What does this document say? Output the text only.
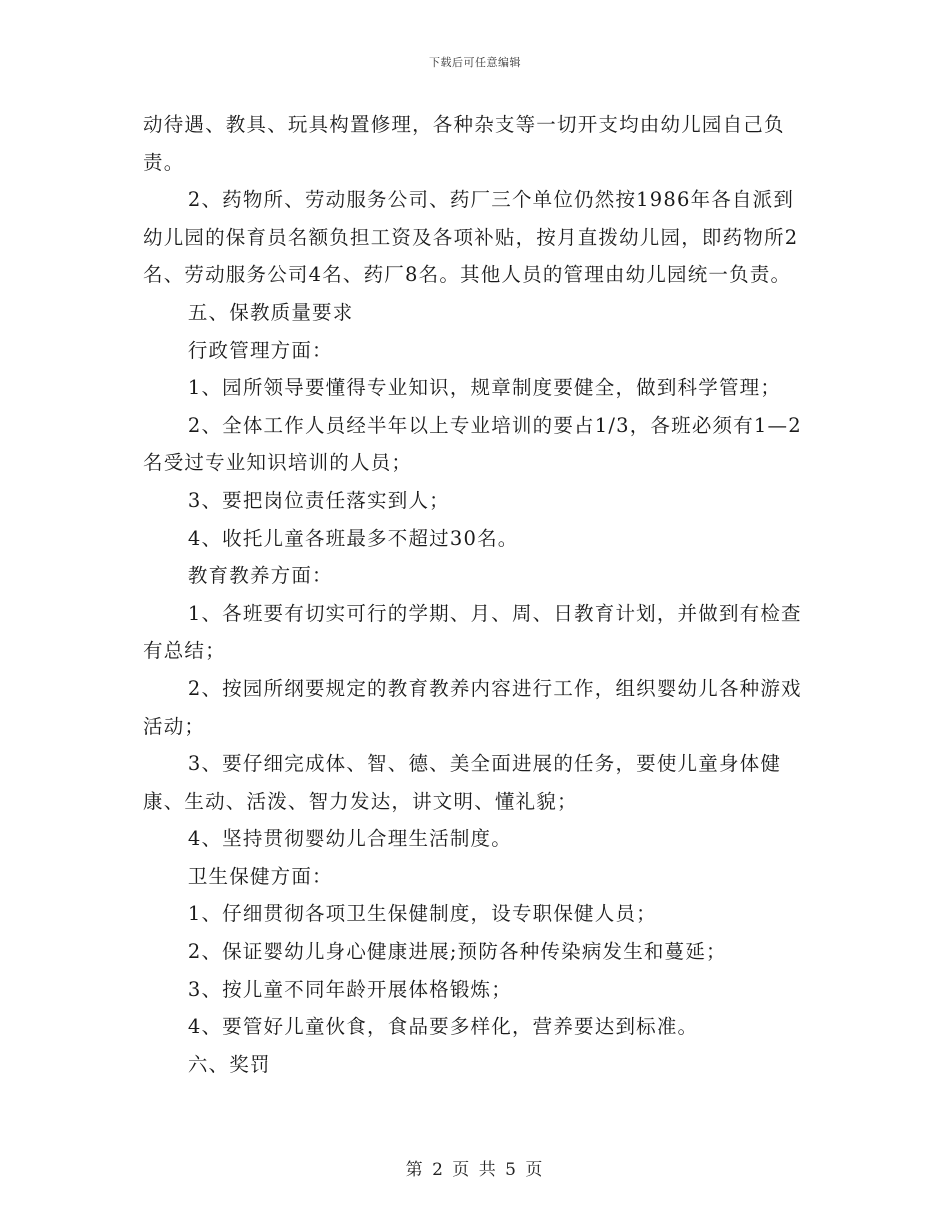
下载后可任意编辑

动待遇、教具、玩具构置修理，各种杂支等一切开支均由幼儿园自己负责。

2、药物所、劳动服务公司、药厂三个单位仍然按1986年各自派到幼儿园的保育员名额负担工资及各项补贴，按月直拨幼儿园，即药物所2名、劳动服务公司4名、药厂8名。其他人员的管理由幼儿园统一负责。

五、保教质量要求

行政管理方面：

1、园所领导要懂得专业知识，规章制度要健全，做到科学管理；

2、全体工作人员经半年以上专业培训的要占1/3，各班必须有1—2名受过专业知识培训的人员；

3、要把岗位责任落实到人；

4、收托儿童各班最多不超过30名。

教育教养方面：

1、各班要有切实可行的学期、月、周、日教育计划，并做到有检查有总结；

2、按园所纲要规定的教育教养内容进行工作，组织婴幼儿各种游戏活动；

3、要仔细完成体、智、德、美全面进展的任务，要使儿童身体健康、生动、活泼、智力发达，讲文明、懂礼貌；

4、坚持贯彻婴幼儿合理生活制度。

卫生保健方面：

1、仔细贯彻各项卫生保健制度，设专职保健人员；

2、保证婴幼儿身心健康进展;预防各种传染病发生和蔓延；

3、按儿童不同年龄开展体格锻炼；

4、要管好儿童伙食，食品要多样化，营养要达到标准。

六、奖罚

第 2 页 共 5 页
